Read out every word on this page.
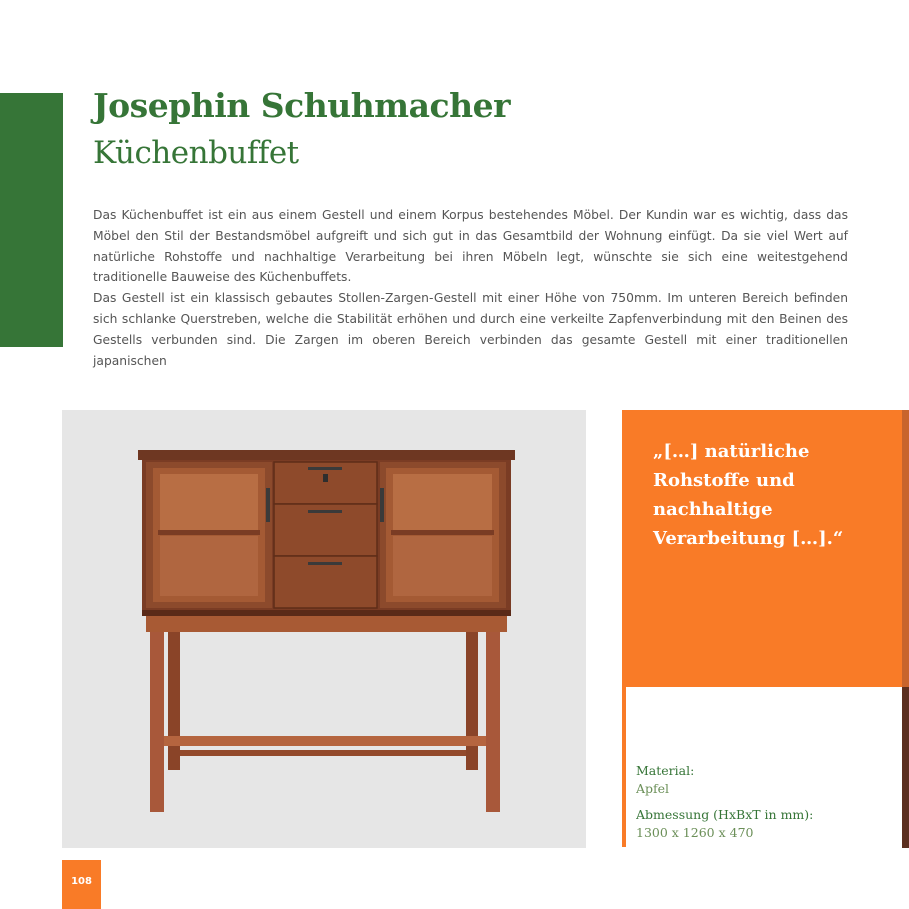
Josephin Schuhmacher
Küchenbuffet

Das Küchenbuffet ist ein aus einem Gestell und einem Korpus bestehendes Möbel. Der Kundin war es wichtig, dass das Möbel den Stil der Bestandsmöbel aufgreift und sich gut in das Gesamtbild der Wohnung einfügt. Da sie viel Wert auf natürliche Rohstoffe und nachhaltige Verarbeitung bei ihren Möbeln legt, wünschte sie sich eine weitestgehend traditionelle Bauweise des Küchenbuffets.

Das Gestell ist ein klassisch gebautes Stollen-Zargen-Gestell mit einer Höhe von 750mm. Im unteren Bereich befinden sich schlanke Querstreben, welche die Stabilität erhöhen und durch eine verkeilte Zapfenverbindung mit den Beinen des Gestells verbunden sind. Die Zargen im oberen Bereich verbinden das gesamte Gestell mit einer traditionellen japanischen

„[…] natürliche Rohstoffe und nachhaltige Verarbeitung […].“

Material:

Apfel

Abmessung (HxBxT in mm):

1300 x 1260 x 470

108
